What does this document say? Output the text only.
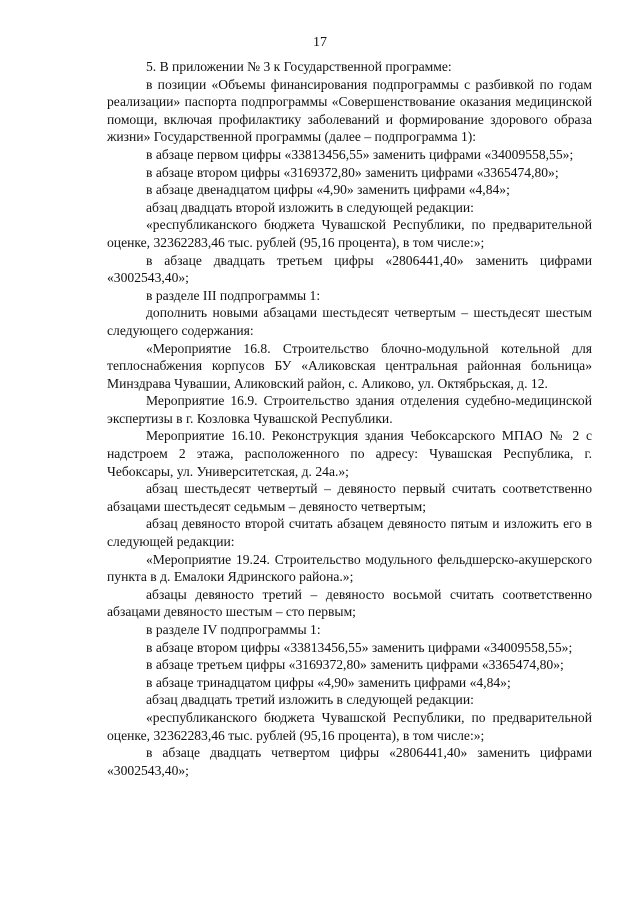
17

5. В приложении № 3 к Государственной программе:

в позиции «Объемы финансирования подпрограммы с разбивкой по годам реализации» паспорта подпрограммы «Совершенствование оказания медицинской помощи, включая профилактику заболеваний и формирование здорового образа жизни» Государственной программы (далее – подпрограмма 1):

в абзаце первом цифры «33813456,55» заменить цифрами «34009558,55»;

в абзаце втором цифры «3169372,80» заменить цифрами «3365474,80»;

в абзаце двенадцатом цифры «4,90» заменить цифрами «4,84»;

абзац двадцать второй изложить в следующей редакции:

«республиканского бюджета Чувашской Республики, по предварительной оценке, 32362283,46 тыс. рублей (95,16 процента), в том числе:»;

в абзаце двадцать третьем цифры «2806441,40» заменить цифрами «3002543,40»;

в разделе III подпрограммы 1:

дополнить новыми абзацами шестьдесят четвертым – шестьдесят шестым следующего содержания:

«Мероприятие 16.8. Строительство блочно-модульной котельной для теплоснабжения корпусов БУ «Аликовская центральная районная больница» Минздрава Чувашии, Аликовский район, с. Аликово, ул. Октябрьская, д. 12.

Мероприятие 16.9. Строительство здания отделения судебно-медицинской экспертизы в г. Козловка Чувашской Республики.

Мероприятие 16.10. Реконструкция здания Чебоксарского МПАО № 2 с надстроем 2 этажа, расположенного по адресу: Чувашская Республика, г. Чебоксары, ул. Университетская, д. 24а.»;

абзац шестьдесят четвертый – девяносто первый считать соответственно абзацами шестьдесят седьмым – девяносто четвертым;

абзац девяносто второй считать абзацем девяносто пятым и изложить его в следующей редакции:

«Мероприятие 19.24. Строительство модульного фельдшерско-акушерского пункта в д. Емалоки Ядринского района.»;

абзацы девяносто третий – девяносто восьмой считать соответственно абзацами девяносто шестым – сто первым;

в разделе IV подпрограммы 1:

в абзаце втором цифры «33813456,55» заменить цифрами «34009558,55»;

в абзаце третьем цифры «3169372,80» заменить цифрами «3365474,80»;

в абзаце тринадцатом цифры «4,90» заменить цифрами «4,84»;

абзац двадцать третий изложить в следующей редакции:

«республиканского бюджета Чувашской Республики, по предварительной оценке, 32362283,46 тыс. рублей (95,16 процента), в том числе:»;

в абзаце двадцать четвертом цифры «2806441,40» заменить цифрами «3002543,40»;
